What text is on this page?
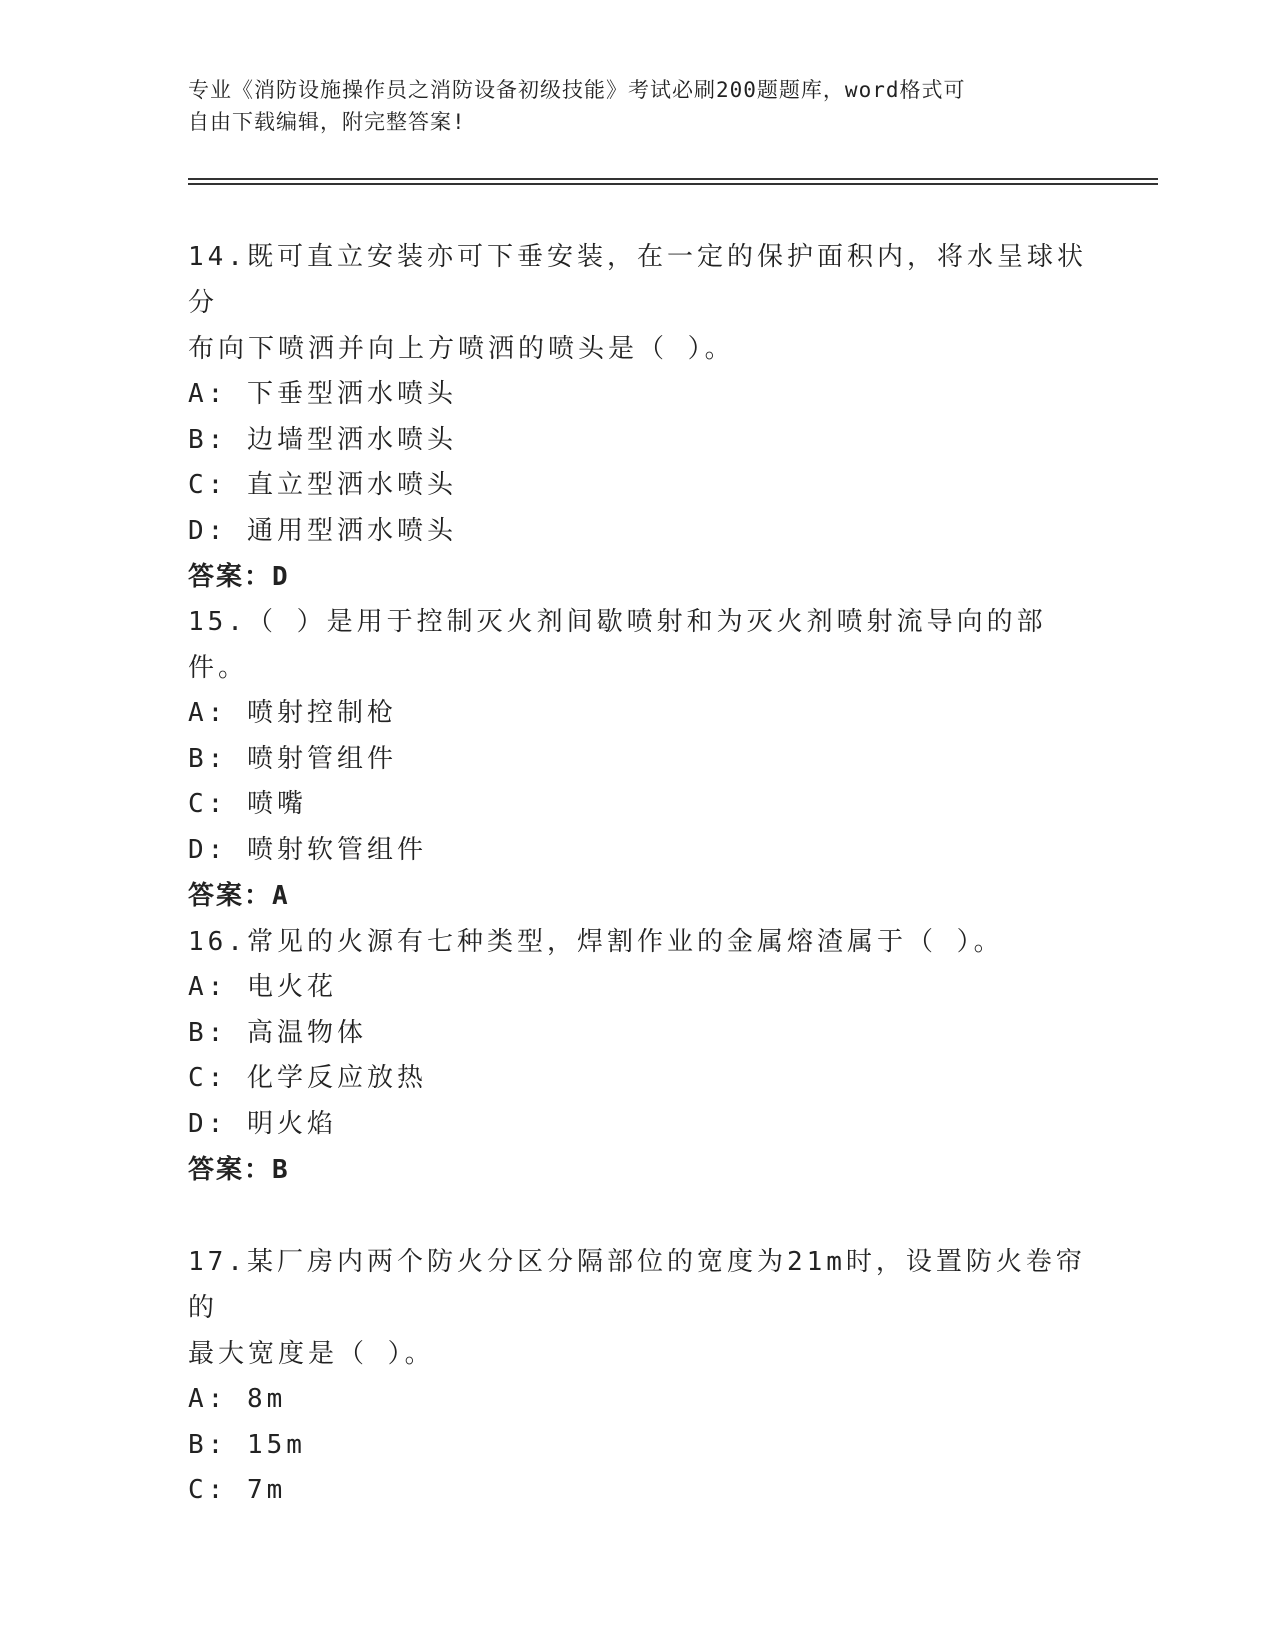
专业《消防设施操作员之消防设备初级技能》考试必刷200题题库，word格式可
自由下载编辑，附完整答案!

14.既可直立安装亦可下垂安装，在一定的保护面积内，将水呈球状分

布向下喷洒并向上方喷洒的喷头是（ ）。

A: 下垂型洒水喷头

B: 边墙型洒水喷头

C: 直立型洒水喷头

D: 通用型洒水喷头

答案：D

15.（ ）是用于控制灭火剂间歇喷射和为灭火剂喷射流导向的部件。

A: 喷射控制枪

B: 喷射管组件

C: 喷嘴

D: 喷射软管组件

答案：A

16.常见的火源有七种类型，焊割作业的金属熔渣属于（ ）。

A: 电火花

B: 高温物体

C: 化学反应放热

D: 明火焰

答案：B

17.某厂房内两个防火分区分隔部位的宽度为21m时，设置防火卷帘的

最大宽度是（ ）。

A: 8m

B: 15m

C: 7m
